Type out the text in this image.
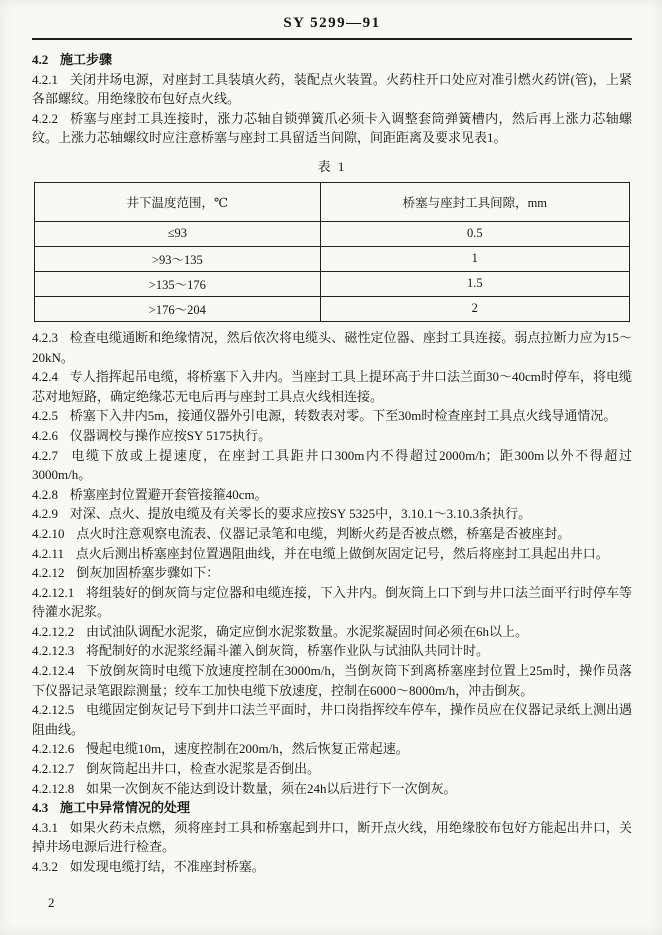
SY 5299—91
4.2 施工步骤
4.2.1 关闭井场电源，对座封工具装填火药，装配点火装置。火药柱开口处应对准引燃火药饼(管)，上紧各部螺纹。用绝缘胶布包好点火线。
4.2.2 桥塞与座封工具连接时，涨力芯轴自锁弹簧爪必须卡入调整套筒弹簧槽内，然后再上涨力芯轴螺纹。上涨力芯轴螺纹时应注意桥塞与座封工具留适当间隙，间距距离及要求见表1。
表 1
井下温度范围，℃	桥塞与座封工具间隙，mm
≤93	0.5
>93～135	1
>135～176	1.5
>176～204	2
4.2.3 检查电缆通断和绝缘情况，然后依次将电缆头、磁性定位器、座封工具连接。弱点拉断力应为15～20kN。
4.2.4 专人指挥起吊电缆，将桥塞下入井内。当座封工具上提环高于井口法兰面30～40cm时停车，将电缆芯对地短路，确定绝缘芯无电后再与座封工具点火线相连接。
4.2.5 桥塞下入井内5m，接通仪器外引电源，转数表对零。下至30m时检查座封工具点火线导通情况。
4.2.6 仪器调校与操作应按SY 5175执行。
4.2.7 电缆下放或上提速度，在座封工具距井口300m内不得超过2000m/h；距300m以外不得超过3000m/h。
4.2.8 桥塞座封位置避开套管接箍40cm。
4.2.9 对深、点火、提放电缆及有关零长的要求应按SY 5325中，3.10.1～3.10.3条执行。
4.2.10 点火时注意观察电流表、仪器记录笔和电缆，判断火药是否被点燃，桥塞是否被座封。
4.2.11 点火后测出桥塞座封位置遇阻曲线，并在电缆上做倒灰固定记号，然后将座封工具起出井口。
4.2.12 倒灰加固桥塞步骤如下：
4.2.12.1 将组装好的倒灰筒与定位器和电缆连接，下入井内。倒灰筒上口下到与井口法兰面平行时停车等待灌水泥浆。
4.2.12.2 由试油队调配水泥浆，确定应倒水泥浆数量。水泥浆凝固时间必须在6h以上。
4.2.12.3 将配制好的水泥浆经漏斗灌入倒灰筒，桥塞作业队与试油队共同计时。
4.2.12.4 下放倒灰筒时电缆下放速度控制在3000m/h，当倒灰筒下到离桥塞座封位置上25m时，操作员落下仪器记录笔跟踪测量；绞车工加快电缆下放速度，控制在6000～8000m/h，冲击倒灰。
4.2.12.5 电缆固定倒灰记号下到井口法兰平面时，井口岗指挥绞车停车，操作员应在仪器记录纸上测出遇阻曲线。
4.2.12.6 慢起电缆10m，速度控制在200m/h，然后恢复正常起速。
4.2.12.7 倒灰筒起出井口，检查水泥浆是否倒出。
4.2.12.8 如果一次倒灰不能达到设计数量，须在24h以后进行下一次倒灰。
4.3 施工中异常情况的处理
4.3.1 如果火药未点燃，须将座封工具和桥塞起到井口，断开点火线，用绝缘胶布包好方能起出井口，关掉井场电源后进行检查。
4.3.2 如发现电缆打结，不准座封桥塞。
2
